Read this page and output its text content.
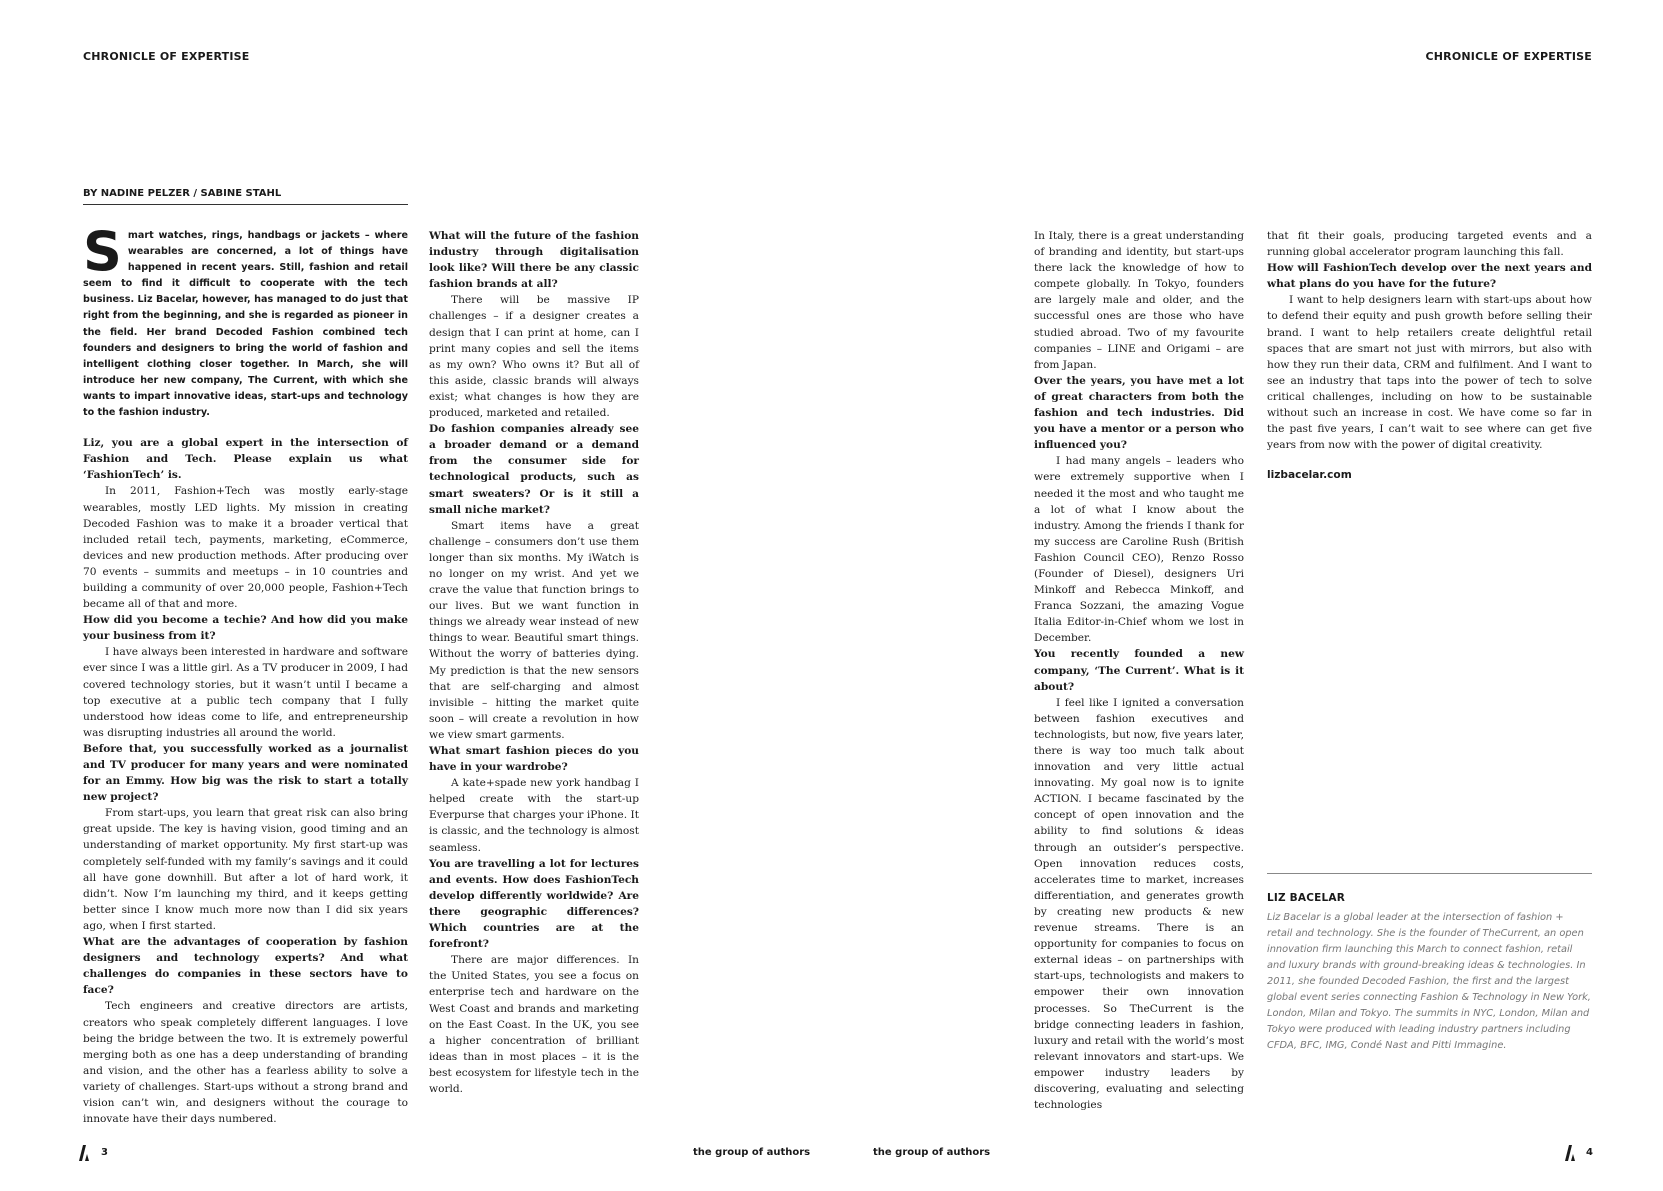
CHRONICLE OF EXPERTISE	CHRONICLE OF EXPERTISE
BY NADINE PELZER / SABINE STAHL
Smart watches, rings, handbags or jackets – where wearables are concerned, a lot of things have happened in recent years. Still, fashion and retail seem to find it difficult to cooperate with the tech business. Liz Bacelar, however, has managed to do just that right from the beginning, and she is regarded as pioneer in the field. Her brand Decoded Fashion combined tech founders and designers to bring the world of fashion and intelligent clothing closer together. In March, she will introduce her new company, The Current, with which she wants to impart innovative ideas, start-ups and technology to the fashion industry.

Liz, you are a global expert in the intersection of Fashion and Tech. Please explain us what ‘FashionTech’ is.

In 2011, Fashion+Tech was mostly early-stage wearables, mostly LED lights. My mission in creating Decoded Fashion was to make it a broader vertical that included retail tech, payments, marketing, eCommerce, devices and new production methods. After producing over 70 events – summits and meetups – in 10 countries and building a community of over 20,000 people, Fashion+Tech became all of that and more.

How did you become a techie? And how did you make your business from it?

I have always been interested in hardware and software ever since I was a little girl. As a TV producer in 2009, I had covered technology stories, but it wasn’t until I became a top executive at a public tech company that I fully understood how ideas come to life, and entrepreneurship was disrupting industries all around the world.

Before that, you successfully worked as a journalist and TV producer for many years and were nominated for an Emmy. How big was the risk to start a totally new project?

From start-ups, you learn that great risk can also bring great upside. The key is having vision, good timing and an understanding of market opportunity. My first start-up was completely self-funded with my family’s savings and it could all have gone downhill. But after a lot of hard work, it didn’t. Now I’m launching my third, and it keeps getting better since I know much more now than I did six years ago, when I first started.

What are the advantages of cooperation by fashion designers and technology experts? And what challenges do companies in these sectors have to face?

Tech engineers and creative directors are artists, creators who speak completely different languages. I love being the bridge between the two. It is extremely powerful merging both as one has a deep understanding of branding and vision, and the other has a fearless ability to solve a variety of challenges. Start-ups without a strong brand and vision can’t win, and designers without the courage to innovate have their days numbered.

What will the future of the fashion industry through digitalisation look like? Will there be any classic fashion brands at all?

There will be massive IP challenges – if a designer creates a design that I can print at home, can I print many copies and sell the items as my own? Who owns it? But all of this aside, classic brands will always exist; what changes is how they are produced, marketed and retailed.

Do fashion companies already see a broader demand or a demand from the consumer side for technological products, such as smart sweaters? Or is it still a small niche market?

Smart items have a great challenge – consumers don’t use them longer than six months. My iWatch is no longer on my wrist. And yet we crave the value that function brings to our lives. But we want function in things we already wear instead of new things to wear. Beautiful smart things. Without the worry of batteries dying. My prediction is that the new sensors that are self-charging and almost invisible – hitting the market quite soon – will create a revolution in how we view smart garments.

What smart fashion pieces do you have in your wardrobe?

A kate+spade new york handbag I helped create with the start-up Everpurse that charges your iPhone. It is classic, and the technology is almost seamless.

You are travelling a lot for lectures and events. How does FashionTech develop differently worldwide? Are there geographic differences? Which countries are at the forefront?

There are major differences. In the United States, you see a focus on enterprise tech and hardware on the West Coast and brands and marketing on the East Coast. In the UK, you see a higher concentration of brilliant ideas than in most places – it is the best ecosystem for lifestyle tech in the world.

In Italy, there is a great understanding of branding and identity, but start-ups there lack the knowledge of how to compete globally. In Tokyo, founders are largely male and older, and the successful ones are those who have studied abroad. Two of my favourite companies – LINE and Origami – are from Japan.

Over the years, you have met a lot of great characters from both the fashion and tech industries. Did you have a mentor or a person who influenced you?

I had many angels – leaders who were extremely supportive when I needed it the most and who taught me a lot of what I know about the industry. Among the friends I thank for my success are Caroline Rush (British Fashion Council CEO), Renzo Rosso (Founder of Diesel), designers Uri Minkoff and Rebecca Minkoff, and Franca Sozzani, the amazing Vogue Italia Editor-in-Chief whom we lost in December.

You recently founded a new company, ‘The Current’. What is it about?

I feel like I ignited a conversation between fashion executives and technologists, but now, five years later, there is way too much talk about innovation and very little actual innovating. My goal now is to ignite ACTION. I became fascinated by the concept of open innovation and the ability to find solutions & ideas through an outsider’s perspective. Open innovation reduces costs, accelerates time to market, increases differentiation, and generates growth by creating new products & new revenue streams. There is an opportunity for companies to focus on external ideas – on partnerships with start-ups, technologists and makers to empower their own innovation processes. So TheCurrent is the bridge connecting leaders in fashion, luxury and retail with the world’s most relevant innovators and start-ups. We empower industry leaders by discovering, evaluating and selecting technologies

that fit their goals, producing targeted events and a running global accelerator program launching this fall.

How will FashionTech develop over the next years and what plans do you have for the future?

I want to help designers learn with start-ups about how to defend their equity and push growth before selling their brand. I want to help retailers create delightful retail spaces that are smart not just with mirrors, but also with how they run their data, CRM and fulfilment. And I want to see an industry that taps into the power of tech to solve critical challenges, including on how to be sustainable without such an increase in cost. We have come so far in the past five years, I can’t wait to see where can get five years from now with the power of digital creativity.

lizbacelar.com
LIZ BACELAR
Liz Bacelar is a global leader at the intersection of fashion + retail and technology. She is the founder of TheCurrent, an open innovation firm launching this March to connect fashion, retail and luxury brands with ground-breaking ideas & technologies. In 2011, she founded Decoded Fashion, the first and the largest global event series connecting Fashion & Technology in New York, London, Milan and Tokyo. The summits in NYC, London, Milan and Tokyo were produced with leading industry partners including CFDA, BFC, IMG, Condé Nast and Pitti Immagine.
3	the group of authors	the group of authors	4
